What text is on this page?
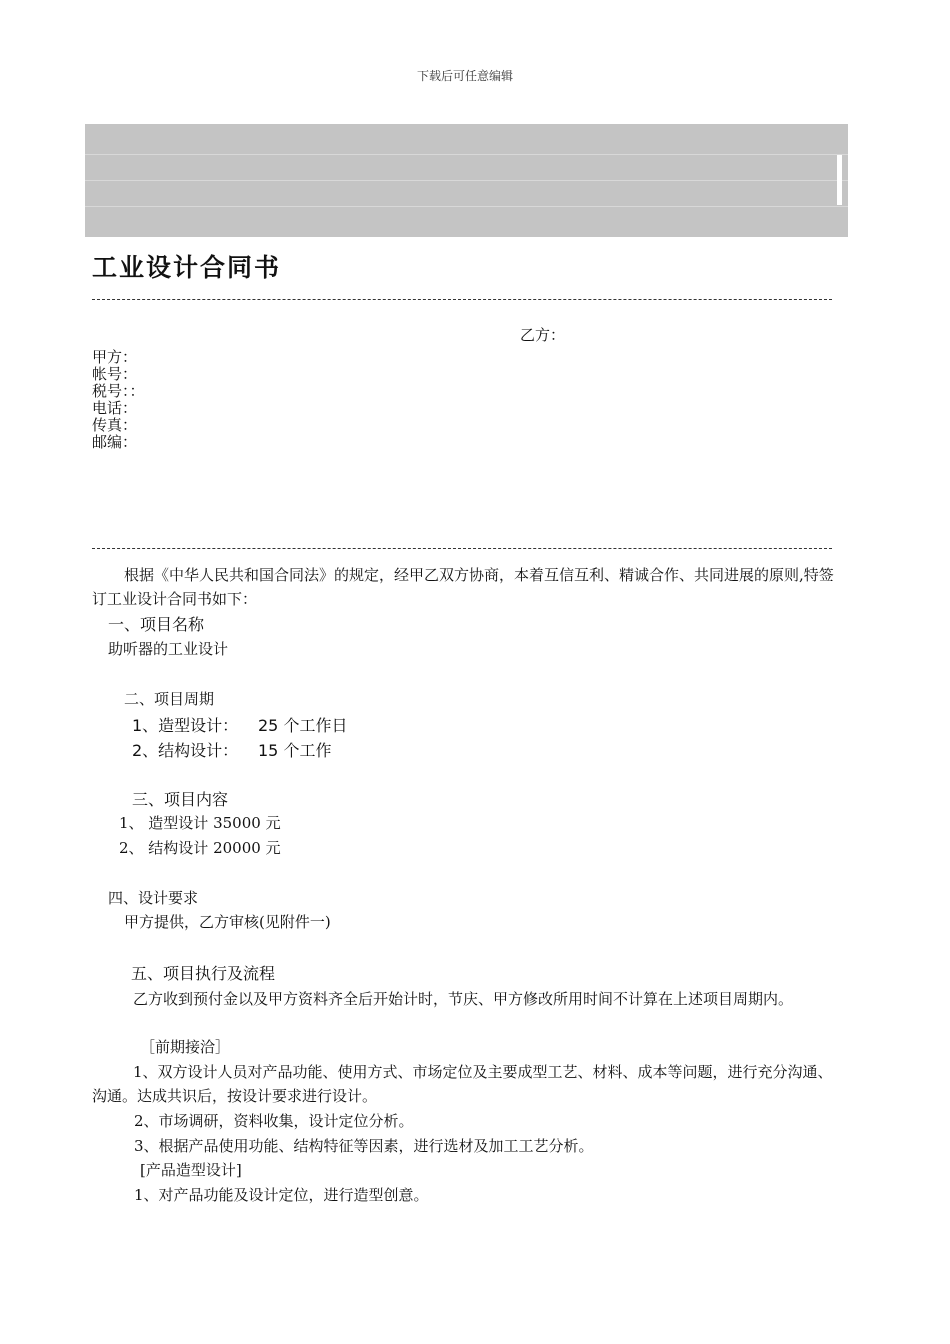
下载后可任意编辑
工业设计合同书
乙方：
甲方：
帐号：
税号：：
电话：
传真：
邮编：
根据《中华人民共和国合同法》的规定，经甲乙双方协商，本着互信互利、精诚合作、共同进展的原则,特签订工业设计合同书如下：
一、项目名称
助听器的工业设计
二、项目周期
1、造型设计： 25 个工作日
2、结构设计： 15 个工作
三、项目内容
1、 造型设计 35000 元
2、 结构设计 20000 元
四、设计要求
甲方提供，乙方审核(见附件一)
五、项目执行及流程
乙方收到预付金以及甲方资料齐全后开始计时，节庆、甲方修改所用时间不计算在上述项目周期内。
［前期接洽］
1、双方设计人员对产品功能、使用方式、市场定位及主要成型工艺、材料、成本等问题，进行充分沟通、沟通。达成共识后，按设计要求进行设计。
2、市场调研，资料收集，设计定位分析。
3、根据产品使用功能、结构特征等因素，进行选材及加工工艺分析。
[产品造型设计]
1、对产品功能及设计定位，进行造型创意。
